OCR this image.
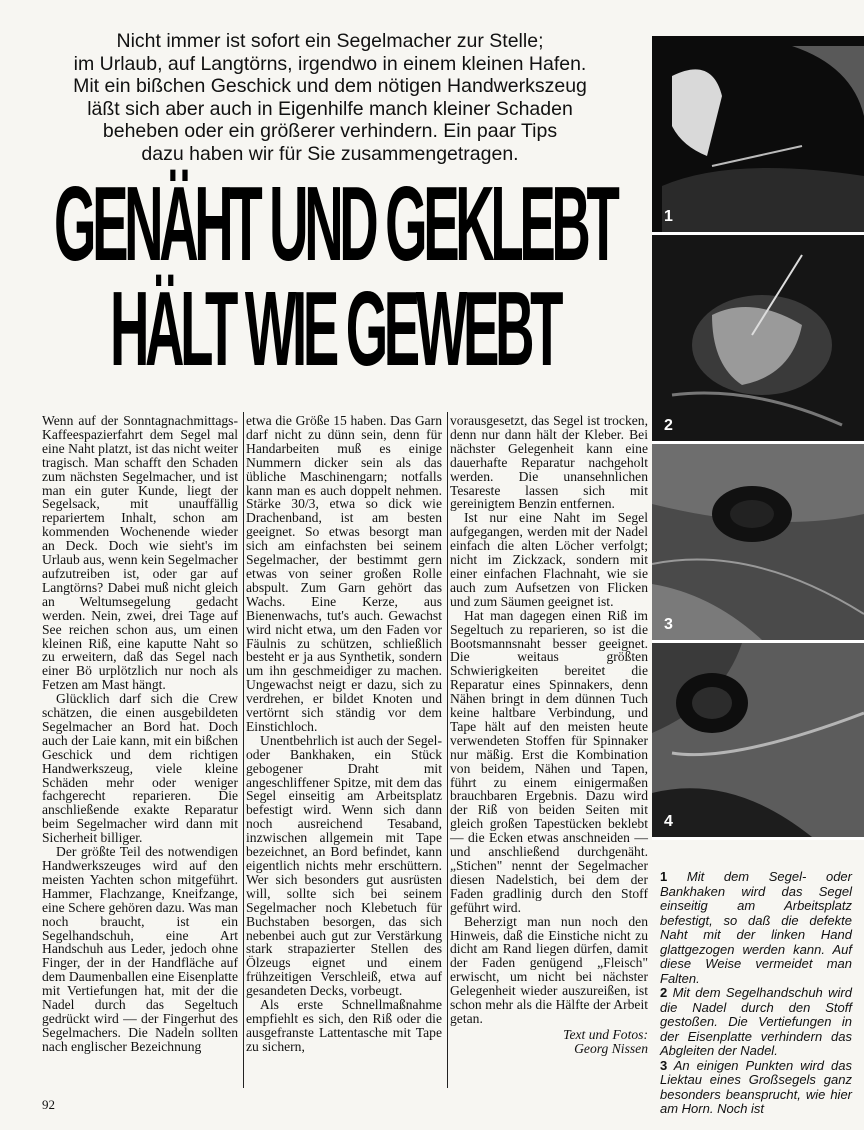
Nicht immer ist sofort ein Segelmacher zur Stelle;
im Urlaub, auf Langtörns, irgendwo in einem kleinen Hafen.
Mit ein bißchen Geschick und dem nötigen Handwerkszeug
läßt sich aber auch in Eigenhilfe manch kleiner Schaden
beheben oder ein größerer verhindern. Ein paar Tips
dazu haben wir für Sie zusammengetragen.
GENÄHT UND GEKLEBT
HÄLT WIE GEWEBT

Wenn auf der Sonntagnachmittags-Kaffeespazierfahrt dem Segel mal eine Naht platzt, ist das nicht weiter tragisch. Man schafft den Schaden zum nächsten Segelmacher, und ist man ein guter Kunde, liegt der Segelsack, mit unauffällig repariertem Inhalt, schon am kommenden Wochenende wieder an Deck. Doch wie sieht's im Urlaub aus, wenn kein Segelmacher aufzutreiben ist, oder gar auf Langtörns? Dabei muß nicht gleich an Weltumsegelung gedacht werden. Nein, zwei, drei Tage auf See reichen schon aus, um einen kleinen Riß, eine kaputte Naht so zu erweitern, daß das Segel nach einer Bö urplötzlich nur noch als Fetzen am Mast hängt.

Glücklich darf sich die Crew schätzen, die einen ausgebildeten Segelmacher an Bord hat. Doch auch der Laie kann, mit ein bißchen Geschick und dem richtigen Handwerkszeug, viele kleine Schäden mehr oder weniger fachgerecht reparieren. Die anschließende exakte Reparatur beim Segelmacher wird dann mit Sicherheit billiger.

Der größte Teil des notwendigen Handwerkszeuges wird auf den meisten Yachten schon mitgeführt. Hammer, Flachzange, Kneifzange, eine Schere gehören dazu. Was man noch braucht, ist ein Segelhandschuh, eine Art Handschuh aus Leder, jedoch ohne Finger, der in der Handfläche auf dem Daumenballen eine Eisenplatte mit Vertiefungen hat, mit der die Nadel durch das Segeltuch gedrückt wird — der Fingerhut des Segelmachers. Die Nadeln sollten nach englischer Bezeichnung

etwa die Größe 15 haben. Das Garn darf nicht zu dünn sein, denn für Handarbeiten muß es einige Nummern dicker sein als das übliche Maschinengarn; notfalls kann man es auch doppelt nehmen. Stärke 30/3, etwa so dick wie Drachenband, ist am besten geeignet. So etwas besorgt man sich am einfachsten bei seinem Segelmacher, der bestimmt gern etwas von seiner großen Rolle abspult. Zum Garn gehört das Wachs. Eine Kerze, aus Bienenwachs, tut's auch. Gewachst wird nicht etwa, um den Faden vor Fäulnis zu schützen, schließlich besteht er ja aus Synthetik, sondern um ihn geschmeidiger zu machen. Ungewachst neigt er dazu, sich zu verdrehen, er bildet Knoten und vertörnt sich ständig vor dem Einstichloch.

Unentbehrlich ist auch der Segel- oder Bankhaken, ein Stück gebogener Draht mit angeschliffener Spitze, mit dem das Segel einseitig am Arbeitsplatz befestigt wird. Wenn sich dann noch ausreichend Tesaband, inzwischen allgemein mit Tape bezeichnet, an Bord befindet, kann eigentlich nichts mehr erschüttern. Wer sich besonders gut ausrüsten will, sollte sich bei seinem Segelmacher noch Klebetuch für Buchstaben besorgen, das sich nebenbei auch gut zur Verstärkung stark strapazierter Stellen des Ölzeugs eignet und einem frühzeitigen Verschleiß, etwa auf gesandeten Decks, vorbeugt.

Als erste Schnellmaßnahme empfiehlt es sich, den Riß oder die ausgefranste Lattentasche mit Tape zu sichern,

vorausgesetzt, das Segel ist trocken, denn nur dann hält der Kleber. Bei nächster Gelegenheit kann eine dauerhafte Reparatur nachgeholt werden. Die unansehnlichen Tesareste lassen sich mit gereinigtem Benzin entfernen.

Ist nur eine Naht im Segel aufgegangen, werden mit der Nadel einfach die alten Löcher verfolgt; nicht im Zickzack, sondern mit einer einfachen Flachnaht, wie sie auch zum Aufsetzen von Flicken und zum Säumen geeignet ist.

Hat man dagegen einen Riß im Segeltuch zu reparieren, so ist die Bootsmannsnaht besser geeignet. Die weitaus größten Schwierigkeiten bereitet die Reparatur eines Spinnakers, denn Nähen bringt in dem dünnen Tuch keine haltbare Verbindung, und Tape hält auf den meisten heute verwendeten Stoffen für Spinnaker nur mäßig. Erst die Kombination von beidem, Nähen und Tapen, führt zu einem einigermaßen brauchbaren Ergebnis. Dazu wird der Riß von beiden Seiten mit gleich großen Tapestücken beklebt — die Ecken etwas anschneiden — und anschließend durchgenäht. „Stichen" nennt der Segelmacher diesen Nadelstich, bei dem der Faden gradlinig durch den Stoff geführt wird.

Beherzigt man nun noch den Hinweis, daß die Einstiche nicht zu dicht am Rand liegen dürfen, damit der Faden genügend „Fleisch" erwischt, um nicht bei nächster Gelegenheit wieder auszureißen, ist schon mehr als die Hälfte der Arbeit getan.

Text und Fotos:
Georg Nissen
1
2
3
4

1 Mit dem Segel- oder Bankhaken wird das Segel einseitig am Arbeitsplatz befestigt, so daß die defekte Naht mit der linken Hand glattgezogen werden kann. Auf diese Weise vermeidet man Falten.

2 Mit dem Segelhandschuh wird die Nadel durch den Stoff gestoßen. Die Vertiefungen in der Eisenplatte verhindern das Abgleiten der Nadel.

3 An einigen Punkten wird das Liektau eines Großsegels ganz besonders beansprucht, wie hier am Horn. Noch ist

92
